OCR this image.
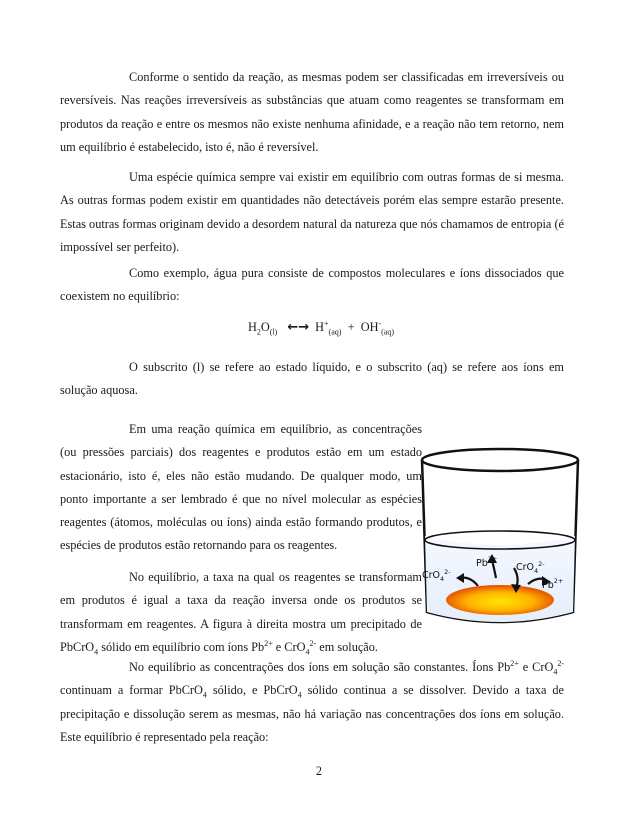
Conforme o sentido da reação, as mesmas podem ser classificadas em irreversíveis ou reversíveis. Nas reações irreversíveis as substâncias que atuam como reagentes se transformam em produtos da reação e entre os mesmos não existe nenhuma afinidade, e a reação não tem retorno, nem um equilíbrio é estabelecido, isto é, não é reversível.

Uma espécie química sempre vai existir em equilíbrio com outras formas de si mesma. As outras formas podem existir em quantidades não detectáveis porém elas sempre estarão presente. Estas outras formas originam devido a desordem natural da natureza que nós chamamos de entropia (é impossível ser perfeito).

Como exemplo, água pura consiste de compostos moleculares e íons dissociados que coexistem no equilíbrio:

$H_2O_{(l)}$ ←→ $H^+_{(aq)} + OH^-_{(aq)}$

O subscrito (l) se refere ao estado líquido, e o subscrito (aq) se refere aos íons em solução aquosa.

Em uma reação química em equilíbrio, as concentrações (ou pressões parciais) dos reagentes e produtos estão em um estado estacionário, isto é, eles não estão mudando. De qualquer modo, um ponto importante a ser lembrado é que no nível molecular as espécies reagentes (átomos, moléculas ou íons) ainda estão formando produtos, e espécies de produtos estão retornando para os reagentes.

No equilíbrio, a taxa na qual os reagentes se transformam em produtos é igual a taxa da reação inversa onde os produtos se transformam em reagentes. A figura à direita mostra um precipitado de PbCrO$_4$ sólido em equilíbrio com íons $Pb^{2+}$ e CrO$_4^{2-}$ em solução.

No equilíbrio as concentrações dos íons em solução são constantes. Íons $Pb^{2+}$ e CrO$_4^{2-}$ continuam a formar PbCrO$_4$ sólido, e PbCrO$_4$ sólido continua a se dissolver. Devido a taxa de precipitação e dissolução serem as mesmas, não há variação nas concentrações dos íons em solução. Este equilíbrio é representado pela reação:

CrO$_4^{2-}$
$Pb^{2+}$
CrO$_4^{2-}$
$Pb^{2+}$
2
